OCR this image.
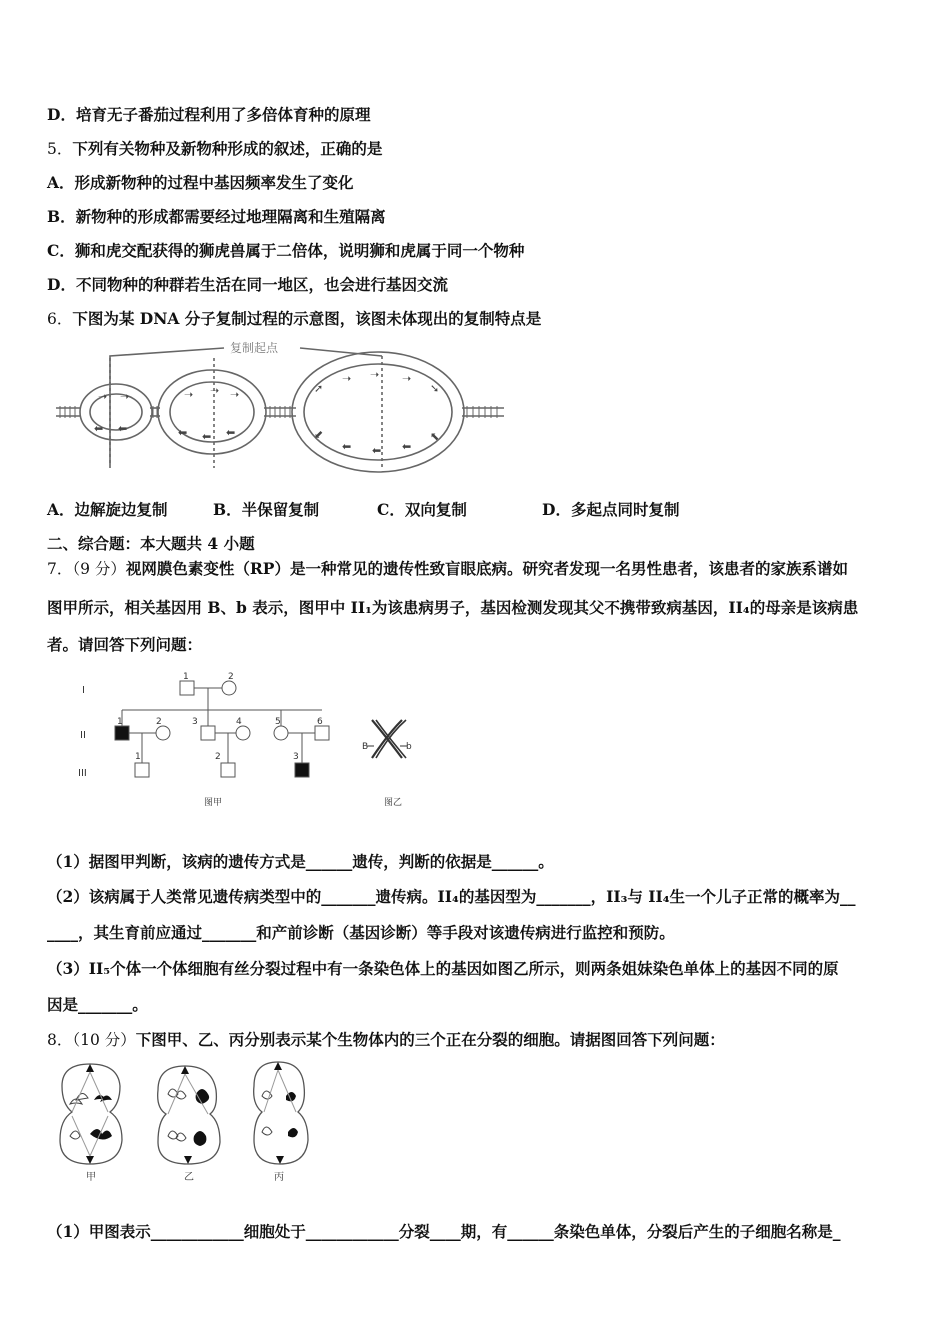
D．培育无子番茄过程利用了多倍体育种的原理
5．下列有关物种及新物种形成的叙述，正确的是
A．形成新物种的过程中基因频率发生了变化
B．新物种的形成都需要经过地理隔离和生殖隔离
C．狮和虎交配获得的狮虎兽属于二倍体，说明狮和虎属于同一个物种
D．不同物种的种群若生活在同一地区，也会进行基因交流
6．下图为某 DNA 分子复制过程的示意图，该图未体现出的复制特点是
➝ ➝
⬅ ⬅
➝ ➝ ➝
⬅ ⬅ ⬅
➚
➝ ➝ ➝
➘
⬋
⬅ ⬅ ⬅
⬉
复制起点
A．边解旋边复制	B．半保留复制	C．双向复制	D．多起点同时复制
二、综合题：本大题共 4 小题
7．（9 分）视网膜色素变性（RP）是一种常见的遗传性致盲眼底病。研究者发现一名男性患者，该患者的家族系谱如
图甲所示，相关基因用 B、b 表示，图甲中 II₁为该患病男子，基因检测发现其父不携带致病基因，II₄的母亲是该病患
者。请回答下列问题：
I
II
III
1	2
1	2	3	4	5	6
1	2	3
B	b
图甲	图乙
（1）据图甲判断，该病的遗传方式是______遗传，判断的依据是______。
（2）该病属于人类常见遗传病类型中的_______遗传病。II₄的基因型为_______，II₃与 II₄生一个儿子正常的概率为__
____，其生育前应通过_______和产前诊断（基因诊断）等手段对该遗传病进行监控和预防。
（3）II₅个体一个体细胞有丝分裂过程中有一条染色体上的基因如图乙所示，则两条姐妹染色单体上的基因不同的原
因是_______。
8．（10 分）下图甲、乙、丙分别表示某个生物体内的三个正在分裂的细胞。请据图回答下列问题：
甲	乙	丙
（1）甲图表示____________细胞处于____________分裂____期，有______条染色单体，分裂后产生的子细胞名称是_
